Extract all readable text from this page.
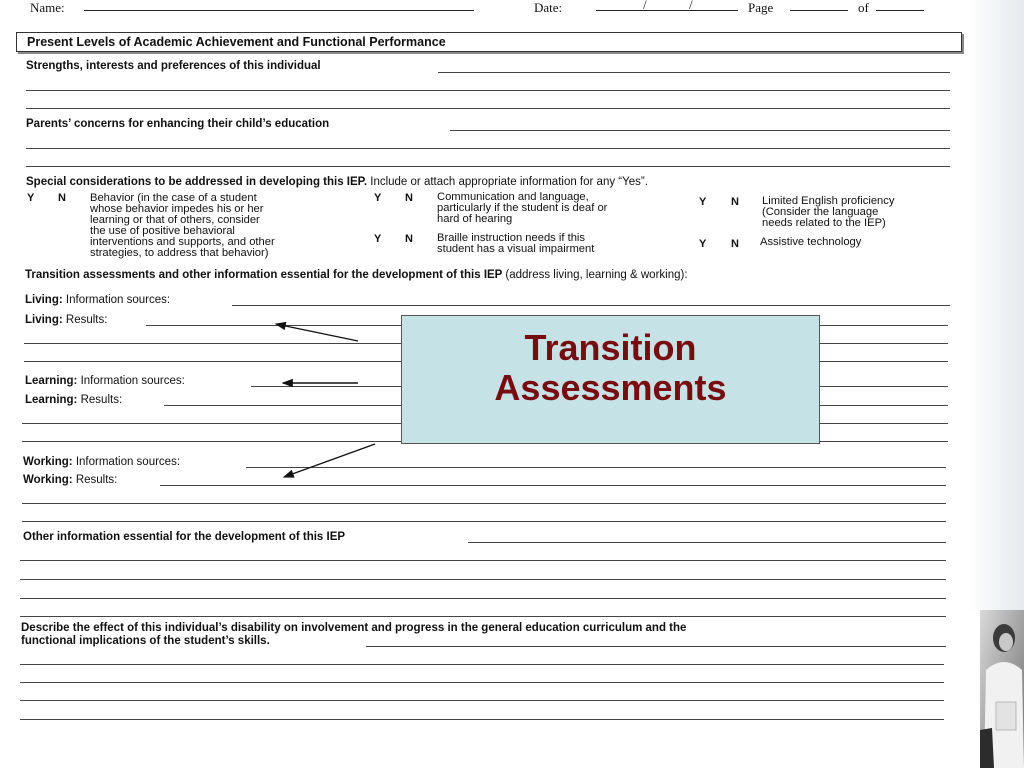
Name:	Date:	/	/	Page	of
Present Levels of Academic Achievement and Functional Performance
Strengths, interests and preferences of this individual
Parents’ concerns for enhancing their child’s education
Special considerations to be addressed in developing this IEP. Include or attach appropriate information for any “Yes”.
Y N Behavior (in the case of a student
whose behavior impedes his or her
learning or that of others, consider
the use of positive behavioral
interventions and supports, and other
strategies, to address that behavior)
Y N Communication and language,
particularly if the student is deaf or
hard of hearing
Y N Braille instruction needs if this
student has a visual impairment
Y N Limited English proficiency
(Consider the language
needs related to the IEP)
Y N Assistive technology
Transition assessments and other information essential for the development of this IEP (address living, learning & working):
Living: Information sources:
Living: Results:
Learning: Information sources:
Learning: Results:
Working: Information sources:
Working: Results:
Other information essential for the development of this IEP
Describe the effect of this individual’s disability on involvement and progress in the general education curriculum and the
functional implications of the student’s skills.
Transition
Assessments
